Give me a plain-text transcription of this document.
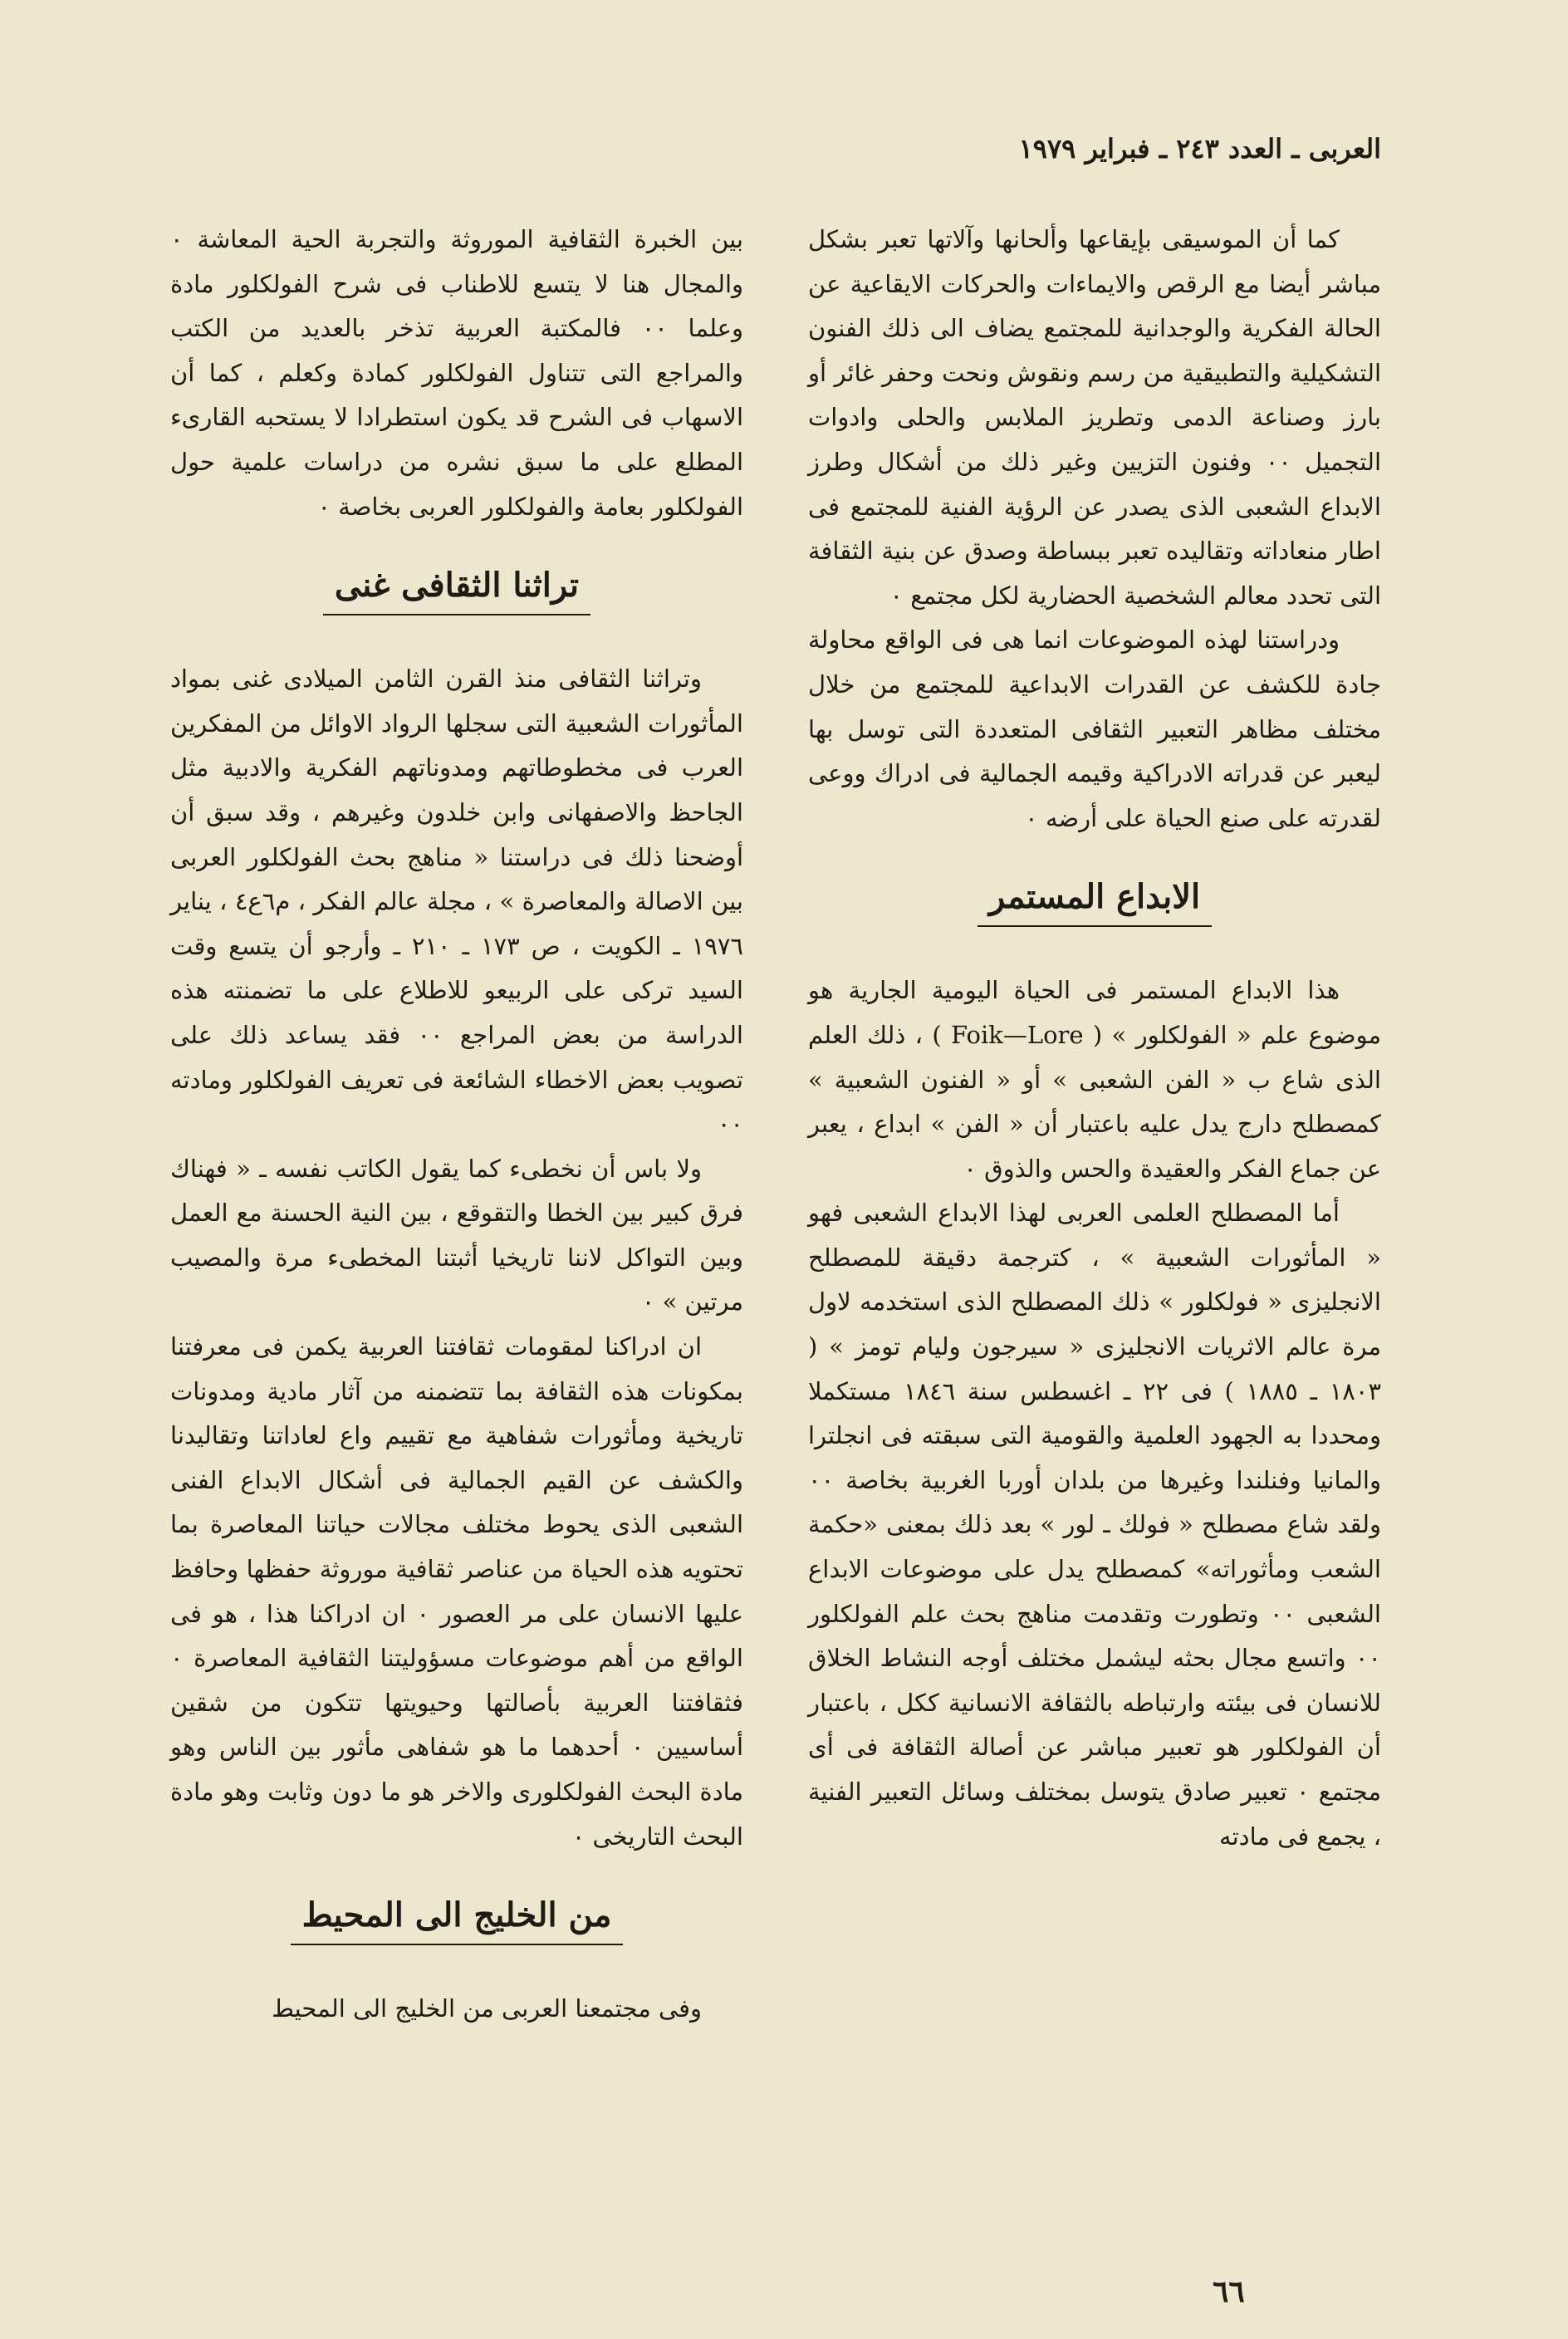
العربى ـ العدد ٢٤٣ ـ فبراير ١٩٧٩

كما أن الموسيقى بإيقاعها وألحانها وآلاتها تعبر بشكل مباشر أيضا مع الرقص والايماءات والحركات الايقاعية عن الحالة الفكرية والوجدانية للمجتمع يضاف الى ذلك الفنون التشكيلية والتطبيقية من رسم ونقوش ونحت وحفر غائر أو بارز وصناعة الدمى وتطريز الملابس والحلى وادوات التجميل ٠٠ وفنون التزيين وغير ذلك من أشكال وطرز الابداع الشعبى الذى يصدر عن الرؤية الفنية للمجتمع فى اطار منعاداته وتقاليده تعبر ببساطة وصدق عن بنية الثقافة التى تحدد معالم الشخصية الحضارية لكل مجتمع ٠

ودراستنا لهذه الموضوعات انما هى فى الواقع محاولة جادة للكشف عن القدرات الابداعية للمجتمع من خلال مختلف مظاهر التعبير الثقافى المتعددة التى توسل بها ليعبر عن قدراته الادراكية وقيمه الجمالية فى ادراك ووعى لقدرته على صنع الحياة على أرضه ٠

الابداع المستمر

هذا الابداع المستمر فى الحياة اليومية الجارية هو موضوع علم « الفولكلور » ( Foik—Lore ) ، ذلك العلم الذى شاع ب « الفن الشعبى » أو « الفنون الشعبية » كمصطلح دارج يدل عليه باعتبار أن « الفن » ابداع ، يعبر عن جماع الفكر والعقيدة والحس والذوق ٠

أما المصطلح العلمى العربى لهذا الابداع الشعبى فهو « المأثورات الشعبية » ، كترجمة دقيقة للمصطلح الانجليزى « فولكلور » ذلك المصطلح الذى استخدمه لاول مرة عالم الاثريات الانجليزى « سيرجون وليام تومز » ( ١٨٠٣ ـ ١٨٨٥ ) فى ٢٢ ـ اغسطس سنة ١٨٤٦ مستكملا ومحددا به الجهود العلمية والقومية التى سبقته فى انجلترا والمانيا وفنلندا وغيرها من بلدان أوربا الغربية بخاصة ٠٠ ولقد شاع مصطلح « فولك ـ لور » بعد ذلك بمعنى «حكمة الشعب ومأثوراته» كمصطلح يدل على موضوعات الابداع الشعبى ٠٠ وتطورت وتقدمت مناهج بحث علم الفولكلور ٠٠ واتسع مجال بحثه ليشمل مختلف أوجه النشاط الخلاق للانسان فى بيئته وارتباطه بالثقافة الانسانية ككل ، باعتبار أن الفولكلور هو تعبير مباشر عن أصالة الثقافة فى أى مجتمع ٠ تعبير صادق يتوسل بمختلف وسائل التعبير الفنية ، يجمع فى مادته

بين الخبرة الثقافية الموروثة والتجربة الحية المعاشة ٠ والمجال هنا لا يتسع للاطناب فى شرح الفولكلور مادة وعلما ٠٠ فالمكتبة العربية تذخر بالعديد من الكتب والمراجع التى تتناول الفولكلور كمادة وكعلم ، كما أن الاسهاب فى الشرح قد يكون استطرادا لا يستحبه القارىء المطلع على ما سبق نشره من دراسات علمية حول الفولكلور بعامة والفولكلور العربى بخاصة ٠

تراثنا الثقافى غنى

وتراثنا الثقافى منذ القرن الثامن الميلادى غنى بمواد المأثورات الشعبية التى سجلها الرواد الاوائل من المفكرين العرب فى مخطوطاتهم ومدوناتهم الفكرية والادبية مثل الجاحظ والاصفهانى وابن خلدون وغيرهم ، وقد سبق أن أوضحنا ذلك فى دراستنا « مناهج بحث الفولكلور العربى بين الاصالة والمعاصرة » ، مجلة عالم الفكر ، م٦ع٤ ، يناير ١٩٧٦ ـ الكويت ، ص ١٧٣ ـ ٢١٠ ـ وأرجو أن يتسع وقت السيد تركى على الربيعو للاطلاع على ما تضمنته هذه الدراسة من بعض المراجع ٠٠ فقد يساعد ذلك على تصويب بعض الاخطاء الشائعة فى تعريف الفولكلور ومادته ٠٠

ولا باس أن نخطىء كما يقول الكاتب نفسه ـ « فهناك فرق كبير بين الخطا والتقوقع ، بين النية الحسنة مع العمل وبين التواكل لاننا تاريخيا أثبتنا المخطىء مرة والمصيب مرتين » ٠

ان ادراكنا لمقومات ثقافتنا العربية يكمن فى معرفتنا بمكونات هذه الثقافة بما تتضمنه من آثار مادية ومدونات تاريخية ومأثورات شفاهية مع تقييم واع لعاداتنا وتقاليدنا والكشف عن القيم الجمالية فى أشكال الابداع الفنى الشعبى الذى يحوط مختلف مجالات حياتنا المعاصرة بما تحتويه هذه الحياة من عناصر ثقافية موروثة حفظها وحافظ عليها الانسان على مر العصور ٠ ان ادراكنا هذا ، هو فى الواقع من أهم موضوعات مسؤوليتنا الثقافية المعاصرة ٠ فثقافتنا العربية بأصالتها وحيويتها تتكون من شقين أساسيين ٠ أحدهما ما هو شفاهى مأثور بين الناس وهو مادة البحث الفولكلورى والاخر هو ما دون وثابت وهو مادة البحث التاريخى ٠

من الخليج الى المحيط

وفى مجتمعنا العربى من الخليج الى المحيط

٦٦
